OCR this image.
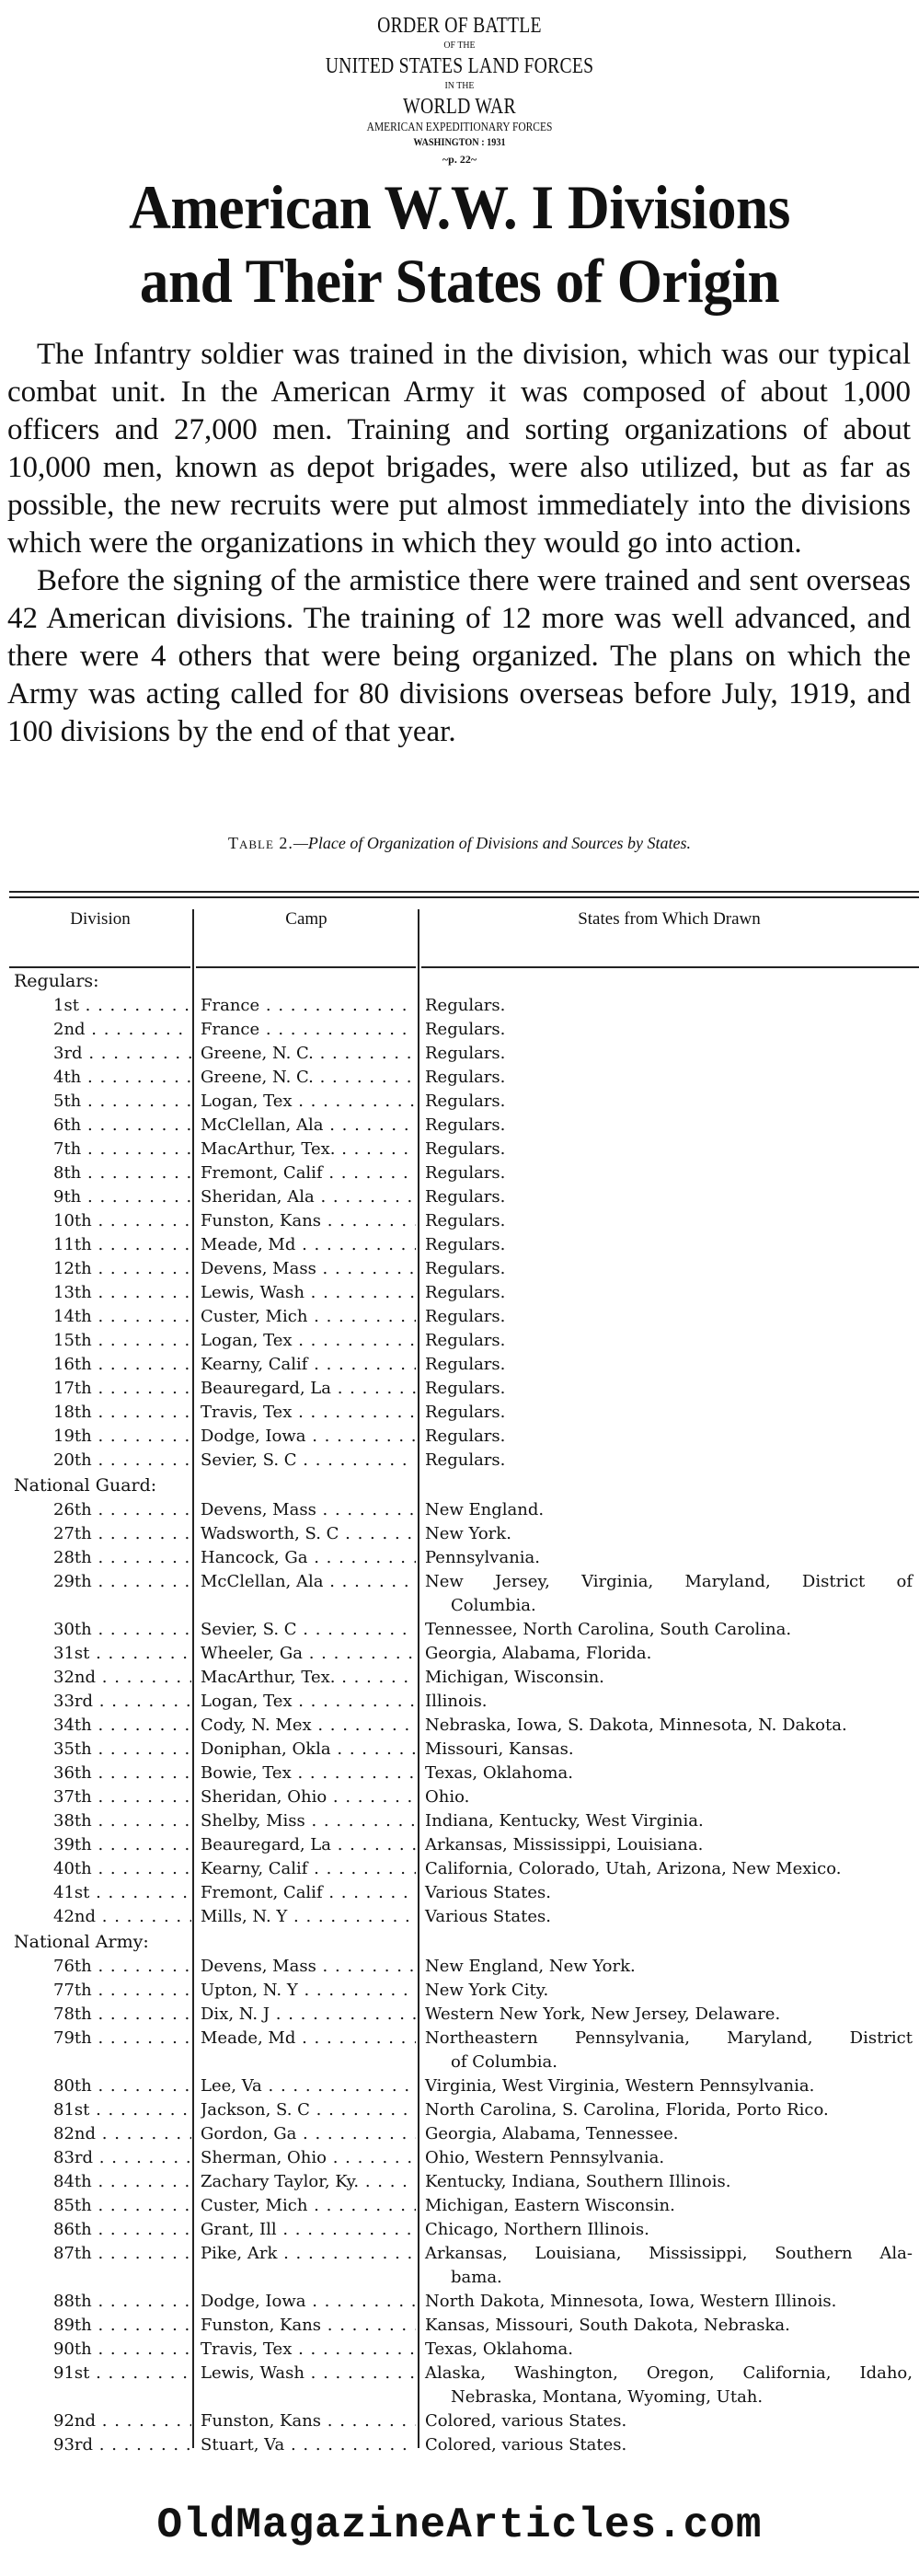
ORDER OF BATTLE
OF THE
UNITED STATES LAND FORCES
IN THE
WORLD WAR
AMERICAN EXPEDITIONARY FORCES
WASHINGTON : 1931
~p. 22~
American W.W. I Divisions
and Their States of Origin

The Infantry soldier was trained in the division, which was our typical combat unit. In the American Army it was composed of about 1,000 officers and 27,000 men. Training and sorting organizations of about 10,000 men, known as depot brigades, were also utilized, but as far as possible, the new recruits were put almost immediately into the divisions which were the organizations in which they would go into action.

Before the signing of the armistice there were trained and sent overseas 42 American divisions. The training of 12 more was well advanced, and there were 4 others that were being organized. The plans on which the Army was acting called for 80 divisions overseas before July, 1919, and 100 divisions by the end of that year.

Table 2.—Place of Organization of Divisions and Sources by States.
Division	Camp	States from Which Drawn
Regulars:
1st . . .	France . . .	Regulars.
2nd . . .	France . . .	Regulars.
3rd . . .	Greene, N. C. . . .	Regulars.
4th . . .	Greene, N. C. . . .	Regulars.
5th . . .	Logan, Tex . . .	Regulars.
6th . . .	McClellan, Ala . . .	Regulars.
7th . . .	MacArthur, Tex. . . .	Regulars.
8th . . .	Fremont, Calif . . .	Regulars.
9th . . .	Sheridan, Ala . . .	Regulars.
10th . . .	Funston, Kans . . .	Regulars.
11th . . .	Meade, Md . . .	Regulars.
12th . . .	Devens, Mass . . .	Regulars.
13th . . .	Lewis, Wash . . .	Regulars.
14th . . .	Custer, Mich . . .	Regulars.
15th . . .	Logan, Tex . . .	Regulars.
16th . . .	Kearny, Calif . . .	Regulars.
17th . . .	Beauregard, La . . .	Regulars.
18th . . .	Travis, Tex . . .	Regulars.
19th . . .	Dodge, Iowa . . .	Regulars.
20th . . .	Sevier, S. C . . .	Regulars.
National Guard:
26th . . .	Devens, Mass . . .	New England.
27th . . .	Wadsworth, S. C . . .	New York.
28th . . .	Hancock, Ga . . .	Pennsylvania.
29th . . .	McClellan, Ala . . .	New Jersey, Virginia, Maryland, District of
Columbia.
30th . . .	Sevier, S. C . . .	Tennessee, North Carolina, South Carolina.
31st . . .	Wheeler, Ga . . .	Georgia, Alabama, Florida.
32nd . . .	MacArthur, Tex. . . .	Michigan, Wisconsin.
33rd . . .	Logan, Tex . . .	Illinois.
34th . . .	Cody, N. Mex . . .	Nebraska, Iowa, S. Dakota, Minnesota, N. Dakota.
35th . . .	Doniphan, Okla . . .	Missouri, Kansas.
36th . . .	Bowie, Tex . . .	Texas, Oklahoma.
37th . . .	Sheridan, Ohio . . .	Ohio.
38th . . .	Shelby, Miss . . .	Indiana, Kentucky, West Virginia.
39th . . .	Beauregard, La . . .	Arkansas, Mississippi, Louisiana.
40th . . .	Kearny, Calif . . .	California, Colorado, Utah, Arizona, New Mexico.
41st . . .	Fremont, Calif . . .	Various States.
42nd . . .	Mills, N. Y . . .	Various States.
National Army:
76th . . .	Devens, Mass . . .	New England, New York.
77th . . .	Upton, N. Y . . .	New York City.
78th . . .	Dix, N. J . . .	Western New York, New Jersey, Delaware.
79th . . .	Meade, Md . . .	Northeastern Pennsylvania, Maryland, District
of Columbia.
80th . . .	Lee, Va . . .	Virginia, West Virginia, Western Pennsylvania.
81st . . .	Jackson, S. C . . .	North Carolina, S. Carolina, Florida, Porto Rico.
82nd . . .	Gordon, Ga . . .	Georgia, Alabama, Tennessee.
83rd . . .	Sherman, Ohio . . .	Ohio, Western Pennsylvania.
84th . . .	Zachary Taylor, Ky. . . .	Kentucky, Indiana, Southern Illinois.
85th . . .	Custer, Mich . . .	Michigan, Eastern Wisconsin.
86th . . .	Grant, Ill . . .	Chicago, Northern Illinois.
87th . . .	Pike, Ark . . .	Arkansas, Louisiana, Mississippi, Southern Ala-
bama.
88th . . .	Dodge, Iowa . . .	North Dakota, Minnesota, Iowa, Western Illinois.
89th . . .	Funston, Kans . . .	Kansas, Missouri, South Dakota, Nebraska.
90th . . .	Travis, Tex . . .	Texas, Oklahoma.
91st . . .	Lewis, Wash . . .	Alaska, Washington, Oregon, California, Idaho,
Nebraska, Montana, Wyoming, Utah.
92nd . . .	Funston, Kans . . .	Colored, various States.
93rd . . .	Stuart, Va . . .	Colored, various States.
OldMagazineArticles.com
